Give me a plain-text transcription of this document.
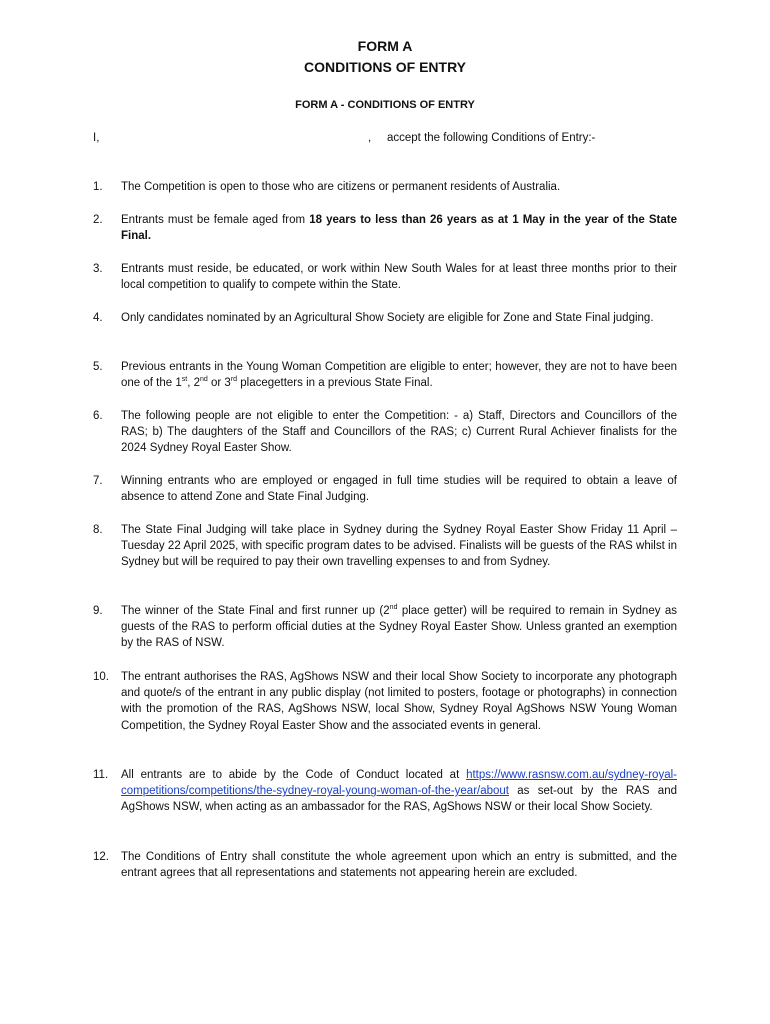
FORM A
CONDITIONS OF ENTRY
FORM A - CONDITIONS OF ENTRY
I,	, accept the following Conditions of Entry:-
1.	The Competition is open to those who are citizens or permanent residents of Australia.
2.	Entrants must be female aged from 18 years to less than 26 years as at 1 May in the year of the State Final.
3.	Entrants must reside, be educated, or work within New South Wales for at least three months prior to their local competition to qualify to compete within the State.
4.	Only candidates nominated by an Agricultural Show Society are eligible for Zone and State Final judging.
5.	Previous entrants in the Young Woman Competition are eligible to enter; however, they are not to have been one of the 1st, 2nd or 3rd placegetters in a previous State Final.
6.	The following people are not eligible to enter the Competition: - a) Staff, Directors and Councillors of the RAS; b) The daughters of the Staff and Councillors of the RAS; c) Current Rural Achiever finalists for the 2024 Sydney Royal Easter Show.
7.	Winning entrants who are employed or engaged in full time studies will be required to obtain a leave of absence to attend Zone and State Final Judging.
8.	The State Final Judging will take place in Sydney during the Sydney Royal Easter Show Friday 11 April – Tuesday 22 April 2025, with specific program dates to be advised. Finalists will be guests of the RAS whilst in Sydney but will be required to pay their own travelling expenses to and from Sydney.
9.	The winner of the State Final and first runner up (2nd place getter) will be required to remain in Sydney as guests of the RAS to perform official duties at the Sydney Royal Easter Show. Unless granted an exemption by the RAS of NSW.
10.	The entrant authorises the RAS, AgShows NSW and their local Show Society to incorporate any photograph and quote/s of the entrant in any public display (not limited to posters, footage or photographs) in connection with the promotion of the RAS, AgShows NSW, local Show, Sydney Royal AgShows NSW Young Woman Competition, the Sydney Royal Easter Show and the associated events in general.
11.	All entrants are to abide by the Code of Conduct located at https://www.rasnsw.com.au/sydney-royal-competitions/competitions/the-sydney-royal-young-woman-of-the-year/about as set-out by the RAS and AgShows NSW, when acting as an ambassador for the RAS, AgShows NSW or their local Show Society.
12.	The Conditions of Entry shall constitute the whole agreement upon which an entry is submitted, and the entrant agrees that all representations and statements not appearing herein are excluded.
